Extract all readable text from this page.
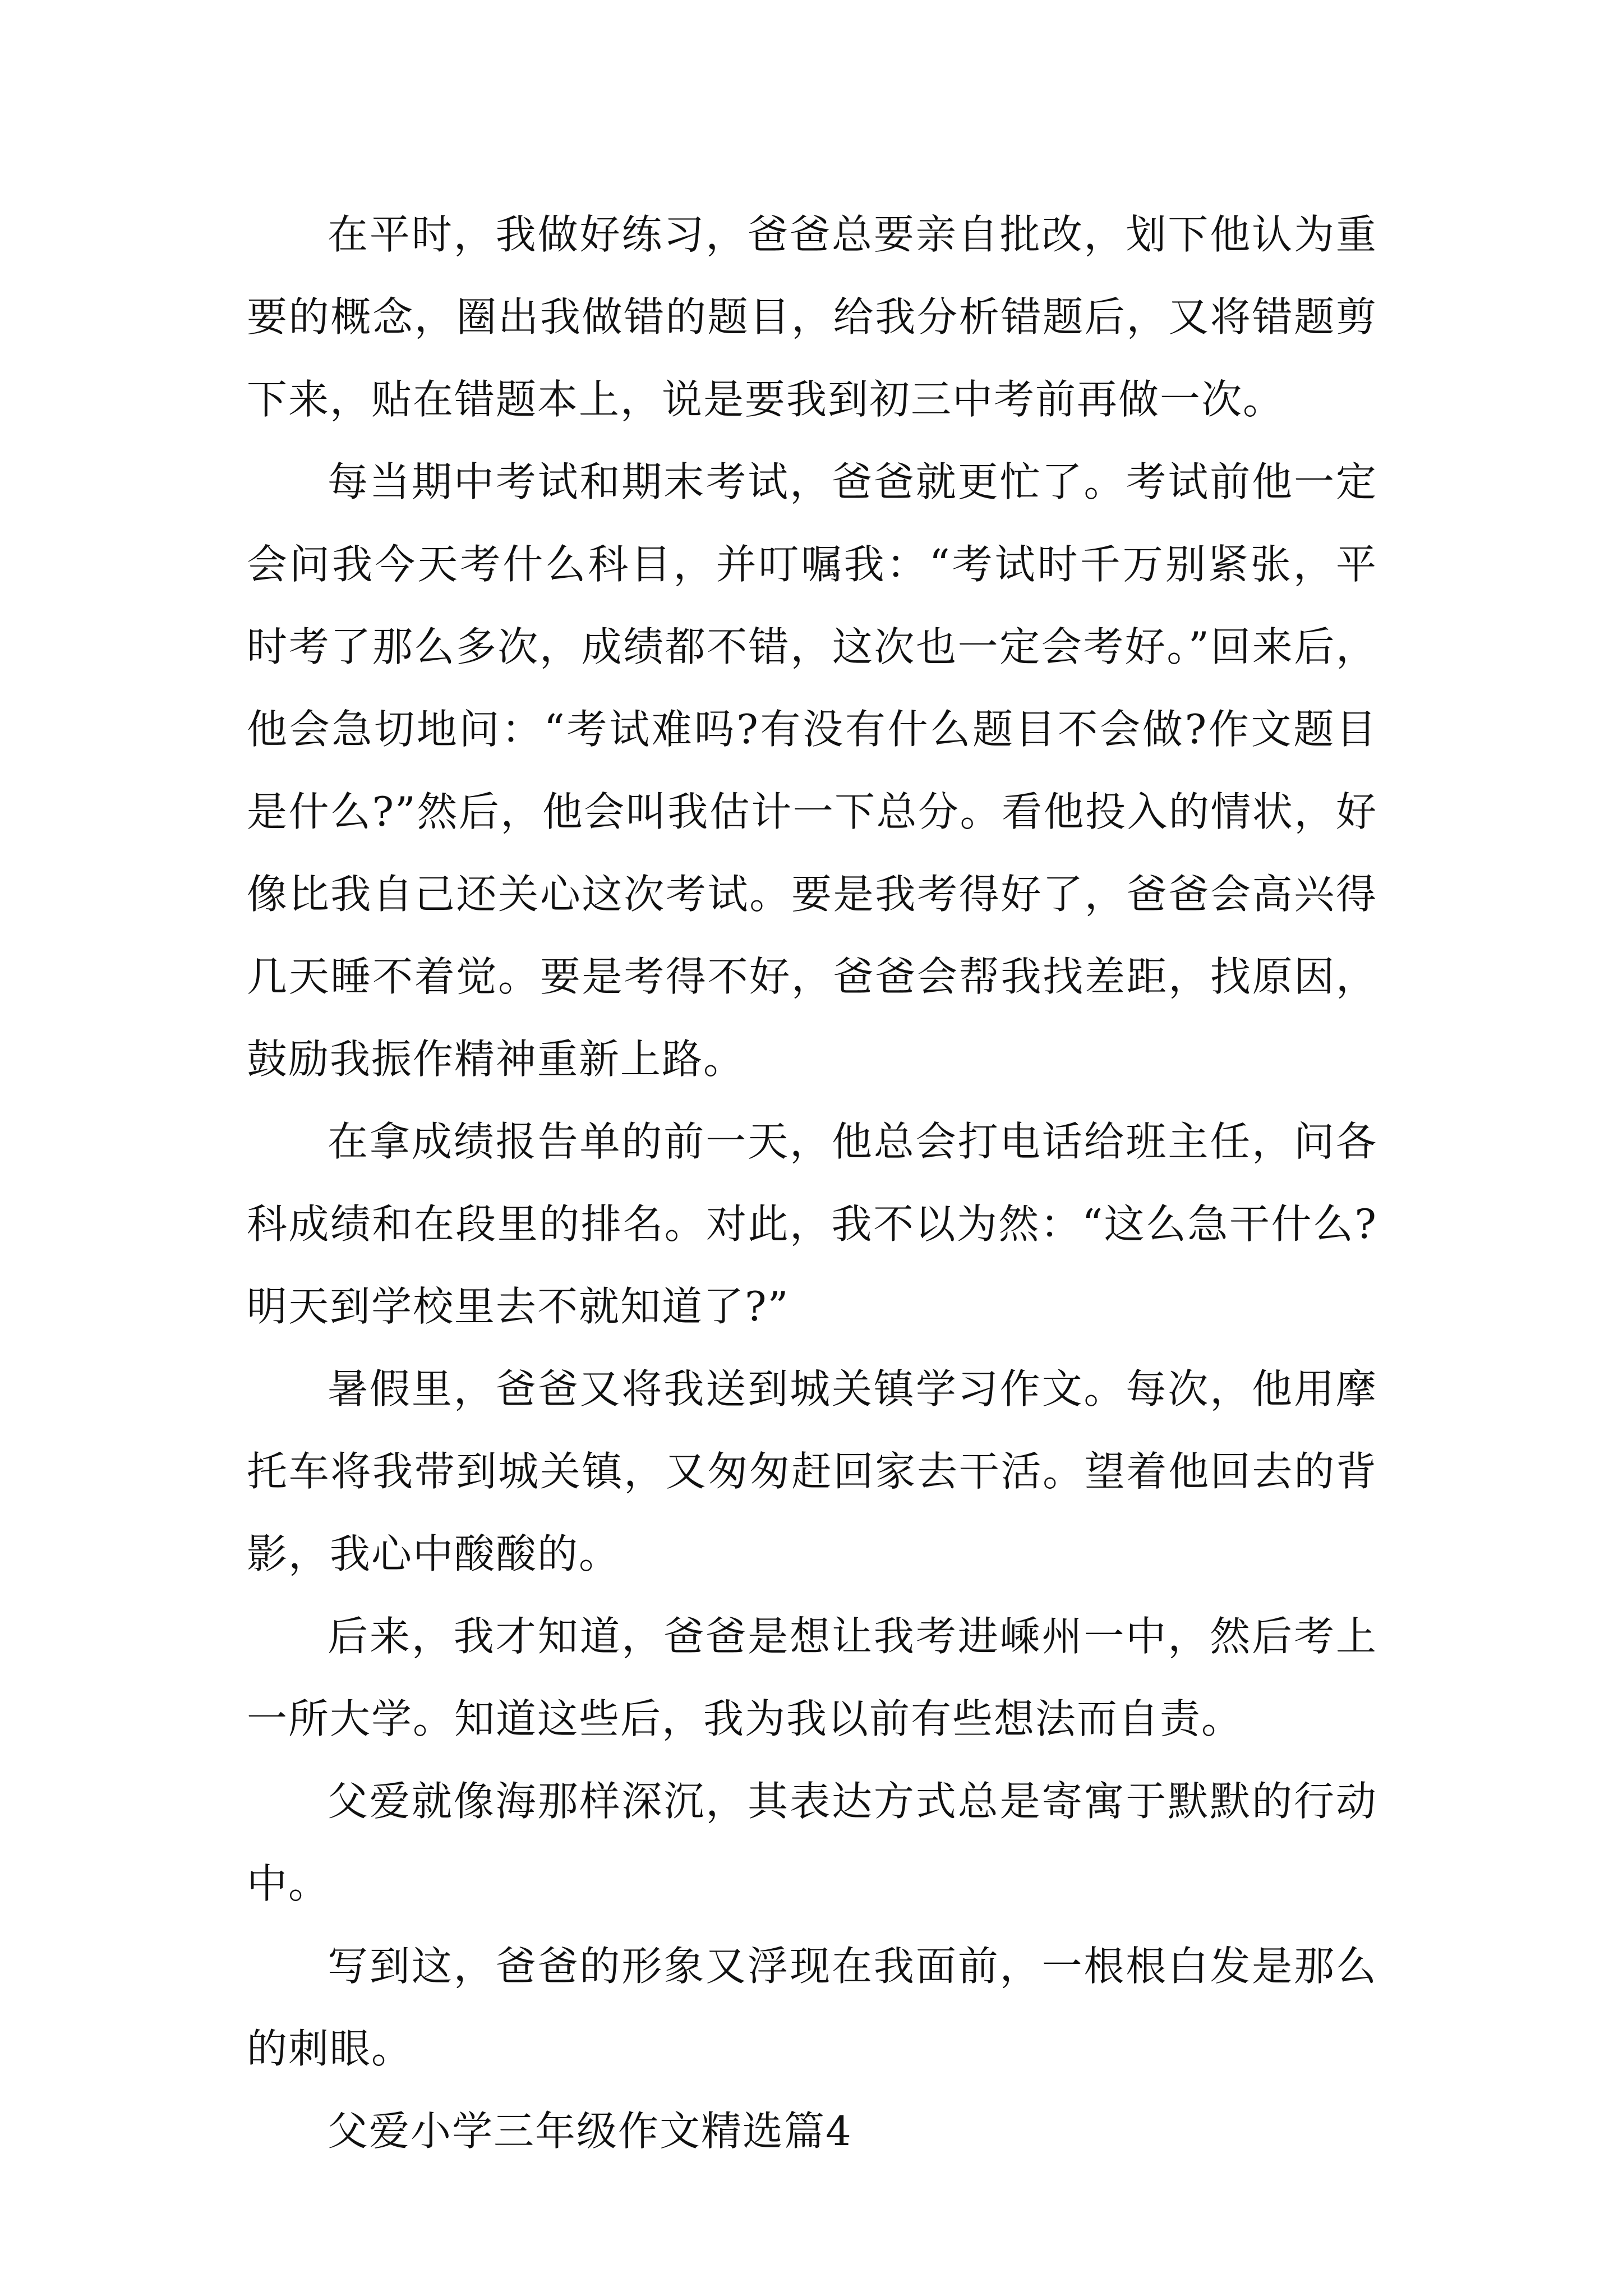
在平时，我做好练习，爸爸总要亲自批改，划下他认为重要的概念，圈出我做错的题目，给我分析错题后，又将错题剪下来，贴在错题本上，说是要我到初三中考前再做一次。

每当期中考试和期末考试，爸爸就更忙了。考试前他一定会问我今天考什么科目，并叮嘱我：“考试时千万别紧张，平时考了那么多次，成绩都不错，这次也一定会考好。”回来后，他会急切地问：“考试难吗?有没有什么题目不会做?作文题目是什么?”然后，他会叫我估计一下总分。看他投入的情状，好像比我自己还关心这次考试。要是我考得好了，爸爸会高兴得几天睡不着觉。要是考得不好，爸爸会帮我找差距，找原因，鼓励我振作精神重新上路。

在拿成绩报告单的前一天，他总会打电话给班主任，问各科成绩和在段里的排名。对此，我不以为然：“这么急干什么?明天到学校里去不就知道了?”

暑假里，爸爸又将我送到城关镇学习作文。每次，他用摩托车将我带到城关镇，又匆匆赶回家去干活。望着他回去的背影，我心中酸酸的。

后来，我才知道，爸爸是想让我考进嵊州一中，然后考上一所大学。知道这些后，我为我以前有些想法而自责。

父爱就像海那样深沉，其表达方式总是寄寓于默默的行动中。

写到这，爸爸的形象又浮现在我面前，一根根白发是那么的刺眼。

父爱小学三年级作文精选篇4
